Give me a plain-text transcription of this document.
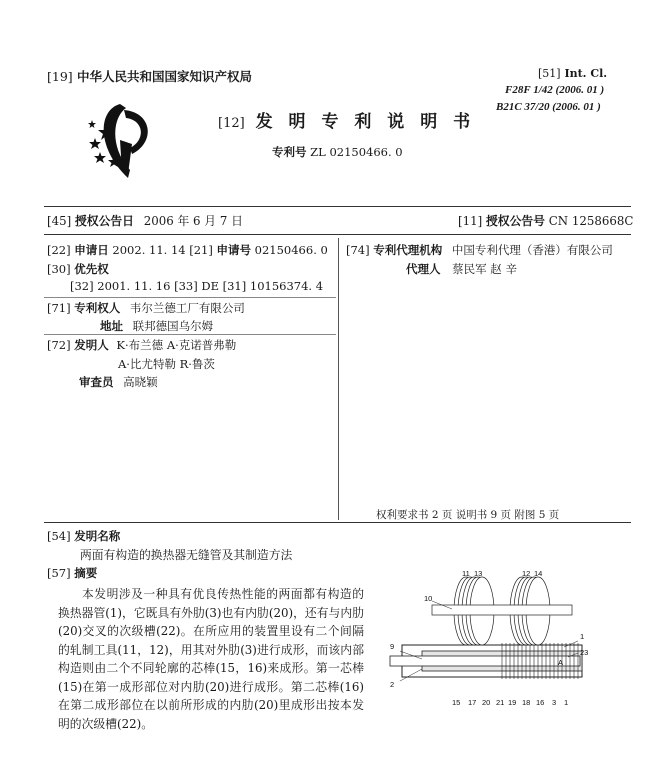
[19] 中华人民共和国国家知识产权局	[51] Int. Cl.
F28F 1/42 (2006. 01 )
B21C 37/20 (2006. 01 )
[12] 发 明 专 利 说 明 书
专利号 ZL 02150466. 0
[45] 授权公告日 2006 年 6 月 7 日	[11] 授权公告号 CN 1258668C
[22] 申请日 2002. 11. 14 [21] 申请号 02150466. 0
[30] 优先权
[32] 2001. 11. 16 [33] DE [31] 10156374. 4
[71] 专利权人 韦尔兰德工厂有限公司
地址 联邦德国乌尔姆
[72] 发明人 K·布兰德 A·克诺普弗勒
A·比尤特勒 R·鲁茨
审查员 高晓颖
[74] 专利代理机构 中国专利代理（香港）有限公司
代理人 蔡民军 赵 辛
权利要求书 2 页 说明书 9 页 附图 5 页
[54] 发明名称
两面有构造的换热器无缝管及其制造方法
[57] 摘要
本发明涉及一种具有优良传热性能的两面都有构造的换热器管(1)，它既具有外肋(3)也有内肋(20)，还有与内肋(20)交叉的次级槽(22)。在所应用的装置里设有二个间隔的轧制工具(11，12)，用其对外肋(3)进行成形，而该内部构造则由二个不同轮廓的芯棒(15，16)来成形。第一芯棒(15)在第一成形部位对内肋(20)进行成形。第二芯棒(16)在第二成形部位在以前所形成的内肋(20)里成形出按本发明的次级槽(22)。
11 13	12 14
10
9
2
1
23
A
15 17 20 21 19 18 16 3 1
